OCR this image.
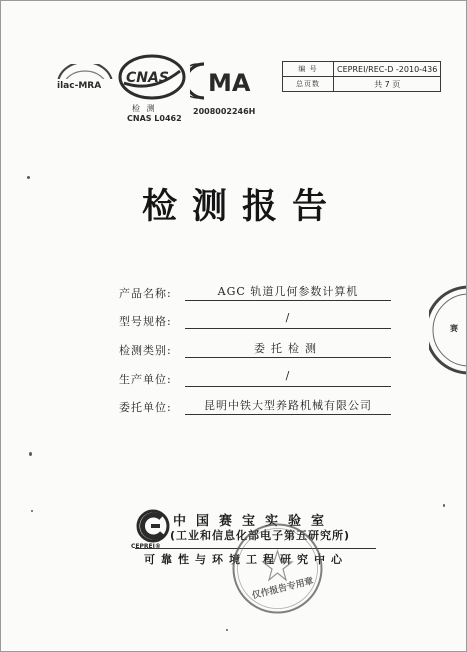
ilac-MRA CNAS
检 测
CNAS L0462
MA
2008002246H
编 号	CEPREI/REC-D -2010-436
总页数	共 7 页
检测报告
产品名称:	AGC 轨道几何参数计算机
型号规格:	/
检测类别:	委托检测
生产单位:	/
委托单位:	昆明中铁大型养路机械有限公司
CEPREI®
中国赛宝实验室
(工业和信息化部电子第五研究所)
可靠性与环境工程研究中心
仅作报告专用章
赛
